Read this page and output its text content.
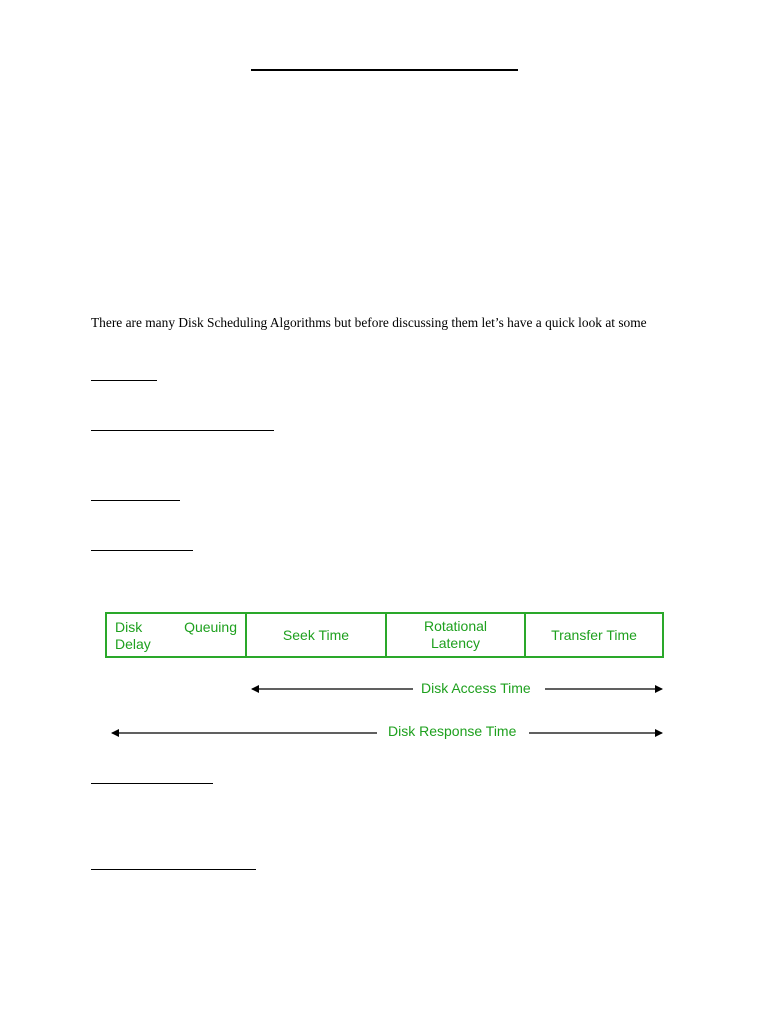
There are many Disk Scheduling Algorithms but before discussing them let’s have a quick look at some
Disk	Queuing
Delay
Seek Time
Rotational
Latency
Transfer Time
Disk Access Time
Disk Response Time
